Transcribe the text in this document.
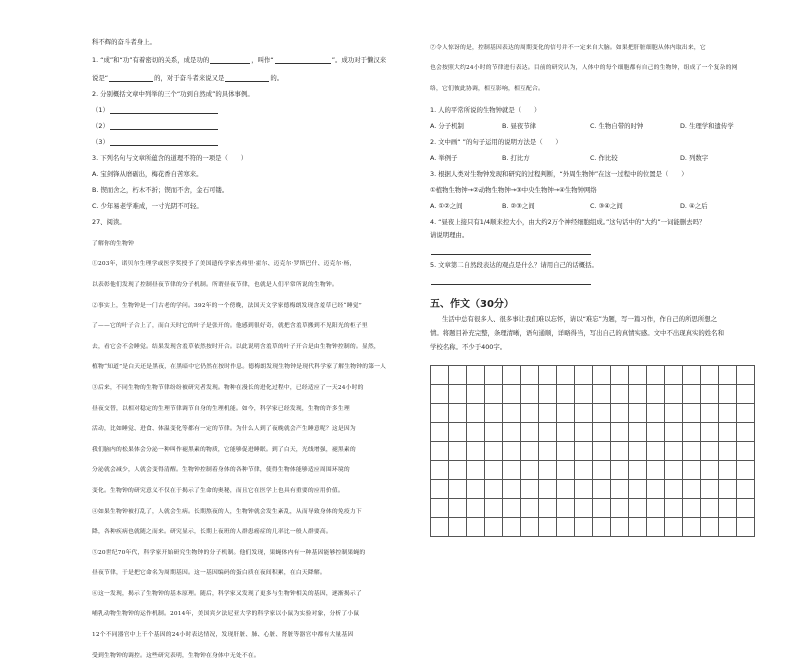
科不辉的奋斗者身上。

1. “成”和“功”有着密切的关系，成是功的	，叫作“	”。成功对于懒汉来

说是“	的，对于奋斗者来说又是	的。

2. 分别概括文章中列举的三个“功到自然成”的具体事例。

（1）

（2）

（3）

3. 下列名句与文章所蕴含的道理不符的一项是（　　）

A. 宝剑锋从磨砺出，梅花香自苦寒来。

B. 锲而舍之，朽木不折；锲而不舍，金石可镂。

C. 少年易老学难成，一寸光阴不可轻。

27、阅读。

了解你的生物钟

①203年，诺贝尔生理学或医学奖授予了美国遗传学家杰弗里·霍尔、迈克尔·罗斯巴什、迈克尔·杨，

以表彰他们发现了控制昼夜节律的分子机制。所谓昼夜节律，也就是人们平常所说的生物钟。

②事实上，生物钟是一门古老的学问。392年的一个傍晚，法国天文学家德梅朗发现含羞草已经“睡觉”

了——它的叶子合上了，而白天时它的叶子是张开的。他感到很好奇，就把含羞草搬到不见阳光的柜子里

去，看它会不会睡觉。结果发现含羞草依然按时开合。以此说明含羞草的叶子开合是由生物钟控制的。显然，

植物“知道”是白天还是黑夜，在黑暗中它仍然在按时作息。德梅朗发现生物钟是现代科学家了解生物钟的第一人

③后来，不同生物的生物节律纷纷被研究者发现。物种在漫长的进化过程中，已经适应了一天24小时的

昼夜交替，以相对稳定的生理节律调节自身的生理机能。如今，科学家已经发现，生物的许多生理

活动，比如睡觉、进食、体温变化等都有一定的节律。为什么人到了夜晚就会产生睡意呢？这是因为

我们脑内的松果体会分泌一种叫作褪黑素的物质，它能够促进睡眠。到了白天，光线增强，褪黑素的

分泌就会减少，人就会变得清醒。生物钟控制着身体的各种节律，使得生物体能够适应周围环境的

变化。生物钟的研究意义不仅在于揭示了生命的奥秘，而且它在医学上也具有重要的应用价值。

④如果生物钟被打乱了，人就会生病。长期熬夜的人，生物钟就会发生紊乱，从而导致身体的免疫力下

降，各种疾病也就随之而来。研究显示，长期上夜班的人群患癌症的几率比一般人群要高。

⑤20世纪70年代，科学家开始研究生物钟的分子机制。他们发现，果蝇体内有一种基因能够控制果蝇的

昼夜节律，于是把它命名为周期基因。这一基因编码的蛋白质在夜间积累，在白天降解。

⑥这一发现，揭示了生物钟的基本原理。随后，科学家又发现了更多与生物钟相关的基因，逐渐揭示了

哺乳动物生物钟的运作机制。2014年，美国宾夕法尼亚大学的科学家以小鼠为实验对象，分析了小鼠

12个不同器官中上千个基因的24小时表达情况，发现肝脏、肺、心脏、肾脏等器官中都有大量基因

受到生物钟的调控。这些研究表明，生物钟在身体中无处不在。

⑦令人惊讶的是，控制基因表达的周期变化的信号并不一定来自大脑。如果把肝脏细胞从体内取出来，它

也会按照大约24小时的节律进行表达。目前的研究认为，人体中的每个细胞都有自己的生物钟，组成了一个复杂的网

络，它们彼此协调，相互影响，相互配合。

1. 人的平常所说的生物钟就是（　　）

A. 分子机制	B. 昼夜节律	C. 生物自带的时钟	D. 生理学和遗传学

2. 文中画“ ”的句子运用的说明方法是（　　）

A. 举例子	B. 打比方	C. 作比较	D. 列数字

3. 根据人类对生物钟发现和研究的过程判断，“外周生物钟”在这一过程中的位置是（　　）

①植物生物钟→②动物生物钟→③中央生物钟→④生物钟网络

A. ①②之间	B. ②③之间	C. ③④之间	D. ④之后

4. “昼夜上接只有1/4顺来控大小，由大约2万个神经细胞组成。”这句话中的“大约”一词能删去吗？

请说明理由。

5. 文章第二自然段表达的观点是什么？请用自己的话概括。

五、作文（30分）

生活中总有很多人、很多事让我们难以忘怀，请以“难忘”为题，写一篇习作，作自己的所思所想之

情。将题目补充完整，条理清晰，语句通顺，详略得当，写出自己的真情实感。文中不出现真实的姓名和

学校名称。不少于400字。
